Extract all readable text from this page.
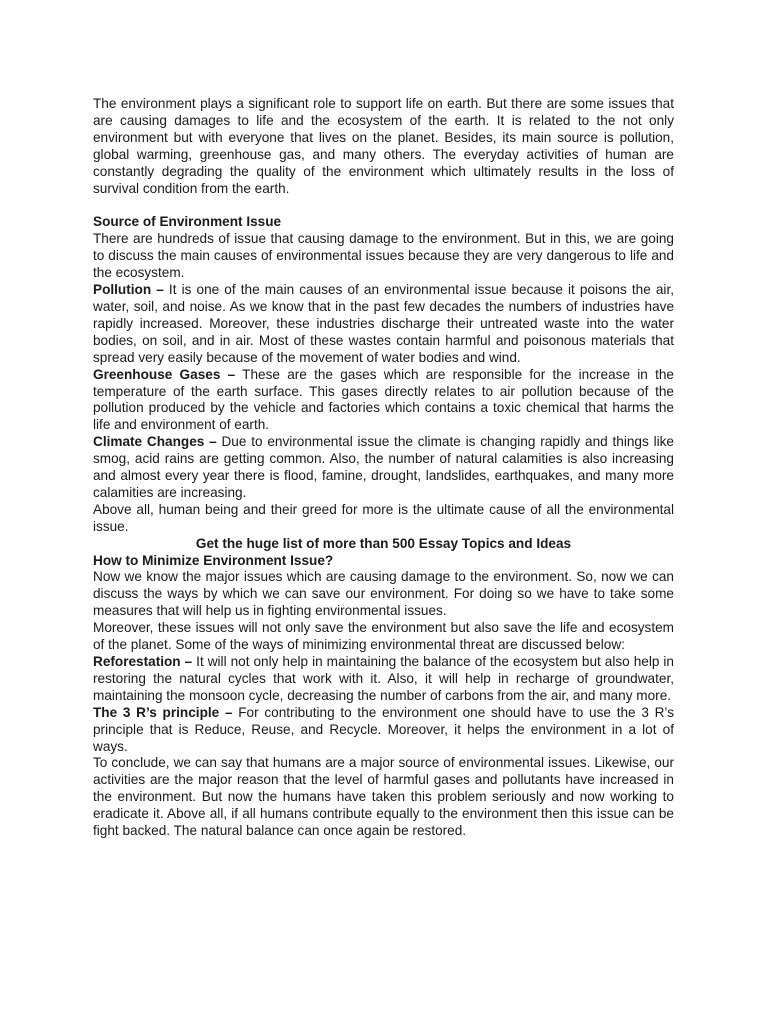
The environment plays a significant role to support life on earth. But there are some issues that are causing damages to life and the ecosystem of the earth. It is related to the not only environment but with everyone that lives on the planet. Besides, its main source is pollution, global warming, greenhouse gas, and many others. The everyday activities of human are constantly degrading the quality of the environment which ultimately results in the loss of survival condition from the earth.

Source of Environment Issue

There are hundreds of issue that causing damage to the environment. But in this, we are going to discuss the main causes of environmental issues because they are very dangerous to life and the ecosystem.

Pollution – It is one of the main causes of an environmental issue because it poisons the air, water, soil, and noise. As we know that in the past few decades the numbers of industries have rapidly increased. Moreover, these industries discharge their untreated waste into the water bodies, on soil, and in air. Most of these wastes contain harmful and poisonous materials that spread very easily because of the movement of water bodies and wind.

Greenhouse Gases – These are the gases which are responsible for the increase in the temperature of the earth surface. This gases directly relates to air pollution because of the pollution produced by the vehicle and factories which contains a toxic chemical that harms the life and environment of earth.

Climate Changes – Due to environmental issue the climate is changing rapidly and things like smog, acid rains are getting common. Also, the number of natural calamities is also increasing and almost every year there is flood, famine, drought, landslides, earthquakes, and many more calamities are increasing.

Above all, human being and their greed for more is the ultimate cause of all the environmental issue.

Get the huge list of more than 500 Essay Topics and Ideas

How to Minimize Environment Issue?

Now we know the major issues which are causing damage to the environment. So, now we can discuss the ways by which we can save our environment. For doing so we have to take some measures that will help us in fighting environmental issues.

Moreover, these issues will not only save the environment but also save the life and ecosystem of the planet. Some of the ways of minimizing environmental threat are discussed below:

Reforestation – It will not only help in maintaining the balance of the ecosystem but also help in restoring the natural cycles that work with it. Also, it will help in recharge of groundwater, maintaining the monsoon cycle, decreasing the number of carbons from the air, and many more.

The 3 R’s principle – For contributing to the environment one should have to use the 3 R’s principle that is Reduce, Reuse, and Recycle. Moreover, it helps the environment in a lot of ways.

To conclude, we can say that humans are a major source of environmental issues. Likewise, our activities are the major reason that the level of harmful gases and pollutants have increased in the environment. But now the humans have taken this problem seriously and now working to eradicate it. Above all, if all humans contribute equally to the environment then this issue can be fight backed. The natural balance can once again be restored.
